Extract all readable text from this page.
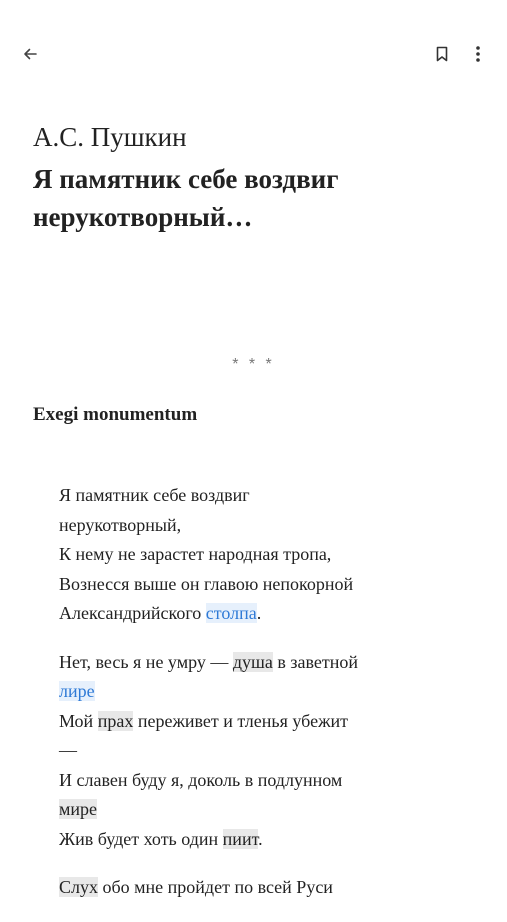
А.С. Пушкин
Я памятник себе воздвиг
нерукотворный…
* * *
Exegi monumentum
Я памятник себе воздвиг
нерукотворный,
К нему не зарастет народная тропа,
Вознесся выше он главою непокорной
Александрийского столпа.
Нет, весь я не умру — душа в заветной
лире
Мой прах переживет и тленья убежит
—
И славен буду я, доколь в подлунном
мире
Жив будет хоть один пиит.
Слух обо мне пройдет по всей Руси
